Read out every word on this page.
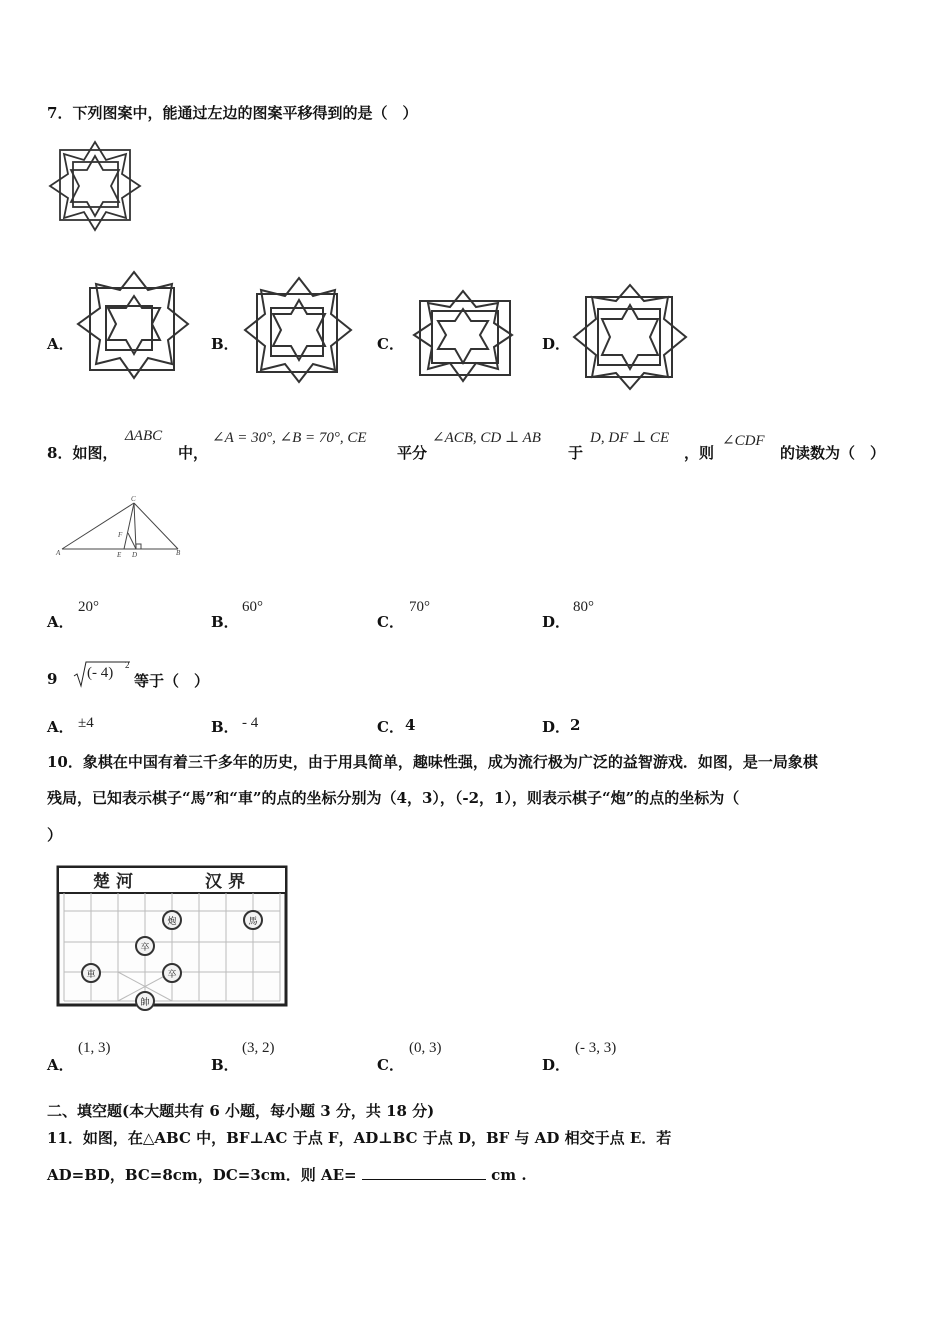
7．下列图案中，能通过左边的图案平移得到的是（　）
A．	B．	C．	D．
8．如图，
ΔABC
中，
∠A = 30°, ∠B = 70°, CE
平分
∠ACB, CD ⊥ AB
于
D, DF ⊥ CE
，则
∠CDF
的读数为（　）
C
A	B
F
E D
A．
20°
B．
60°
C．
70°
D．
80°
9 (- 4) 2
等于（　）
A． ±4	B． - 4	C． 4	D． 2
10．象棋在中国有着三千多年的历史，由于用具简单，趣味性强，成为流行极为广泛的益智游戏．如图，是一局象棋
残局，已知表示棋子“馬”和“車”的点的坐标分别为（4，3），（-2，1），则表示棋子“炮”的点的坐标为（
）
楚河	汉界
炮	馬
卒
車	卒
帥
A．
(1, 3)
B．
(3, 2)
C．
(0, 3)
D．
(- 3, 3)
二、填空题(本大题共有 6 小题，每小题 3 分，共 18 分)
11．如图，在△ABC 中，BF⊥AC 于点 F，AD⊥BC 于点 D，BF 与 AD 相交于点 E．若
AD=BD，BC=8cm，DC=3cm．则 AE=	cm .
